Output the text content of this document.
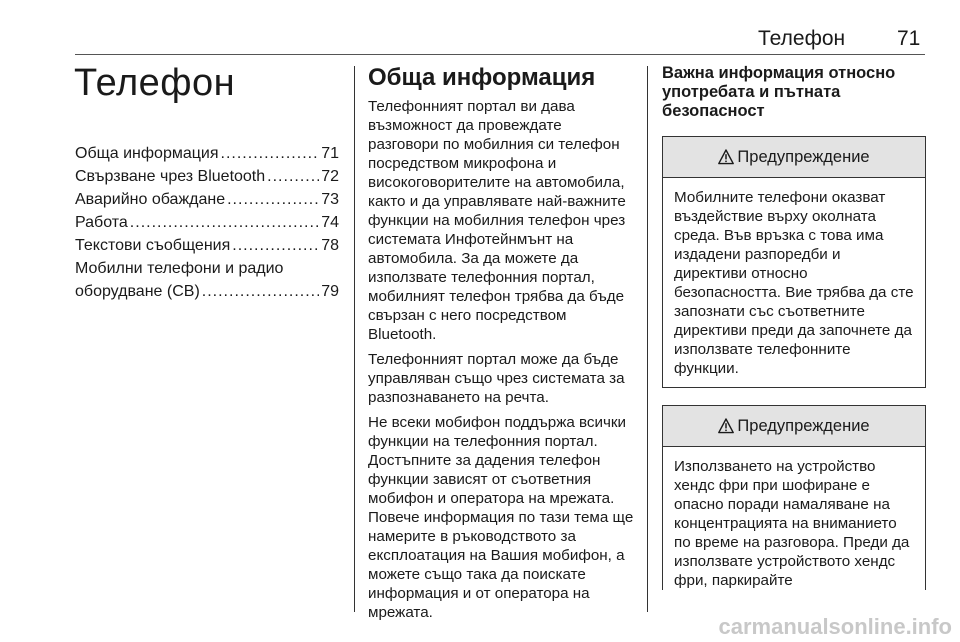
Телефон 71
Телефон
Обща информация .....	71
Свързване чрез Bluetooth .....	72
Аварийно обаждане .....	73
Работа .....	74
Текстови съобщения .....	78
Мобилни телефони и радио
оборудване (СВ) .....	79
Обща информация

Телефонният портал ви дава възможност да провеждате разговори по мобилния си телефон посредством микрофона и високоговорителите на автомобила, както и да управлявате най-важните функции на мобилния телефон чрез системата Инфотейнмънт на автомобила. За да можете да използвате телефонния портал, мобилният телефон трябва да бъде свързан с него посредством Bluetooth.

Телефонният портал може да бъде управляван също чрез системата за разпознаването на речта.

Не всеки мобифон поддържа всички функции на телефонния портал. Достъпните за дадения телефон функции зависят от съответния мобифон и оператора на мрежата. Повече информация по тази тема ще намерите в ръководството за експлоатация на Вашия мобифон, а можете също така да поискате информация и от оператора на мрежата.

Важна информация относно употребата и пътната безопасност
Предупреждение
Мобилните телефони оказват въздействие върху околната среда. Във връзка с това има издадени разпоредби и директиви относно безопасността. Вие трябва да сте запознати със съответните директиви преди да започнете да използвате телефонните функции.
Предупреждение
Използването на устройство хендс фри при шофиране е опасно поради намаляване на концентрацията на вниманието по време на разговора. Преди да използвате устройството хендс фри, паркирайте
carmanualsonline.info
